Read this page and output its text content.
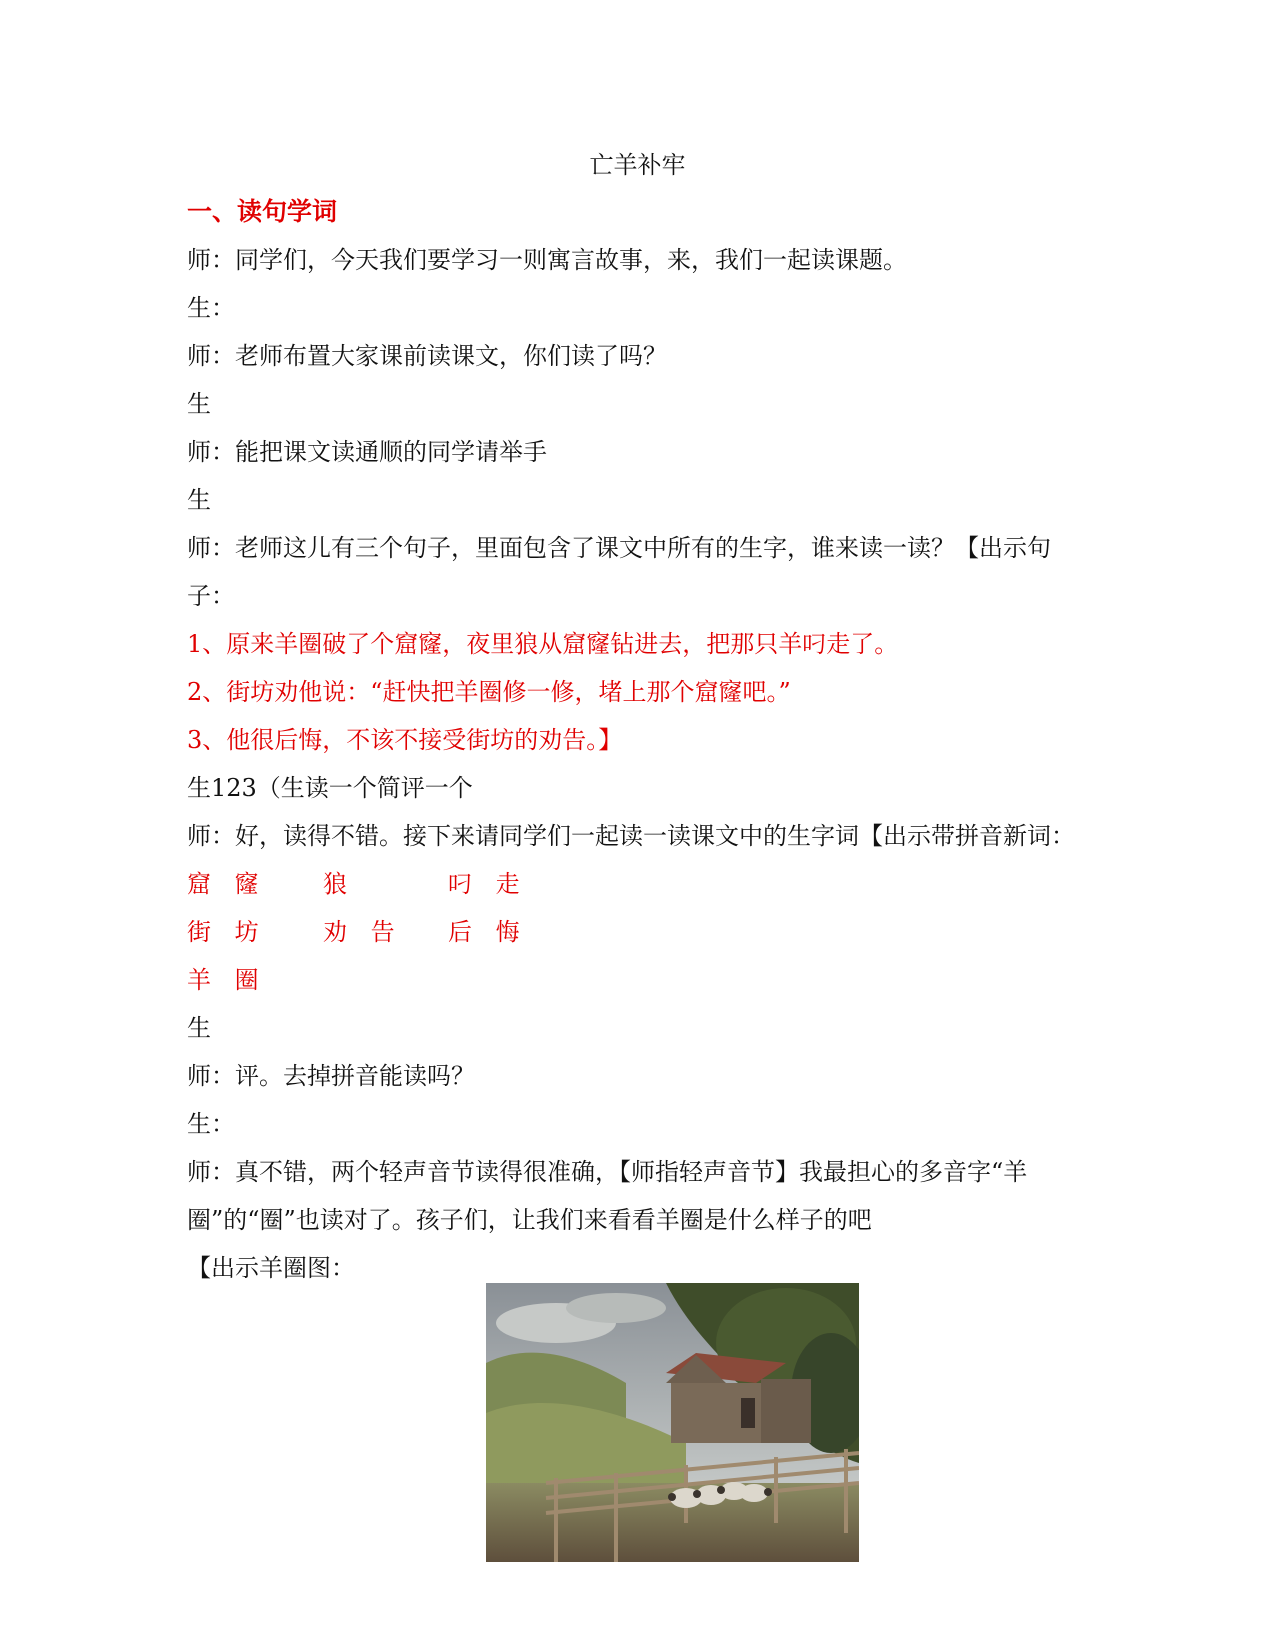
亡羊补牢
一、读句学词
师：同学们，今天我们要学习一则寓言故事，来，我们一起读课题。
生：
师：老师布置大家课前读课文，你们读了吗？
生
师：能把课文读通顺的同学请举手
生
师：老师这儿有三个句子，里面包含了课文中所有的生字，谁来读一读？【出示句
子：
1、原来羊圈破了个窟窿，夜里狼从窟窿钻进去，把那只羊叼走了。
2、街坊劝他说：“赶快把羊圈修一修，堵上那个窟窿吧。”
3、他很后悔，不该不接受街坊的劝告。】
生123（生读一个简评一个
师：好，读得不错。接下来请同学们一起读一读课文中的生字词【出示带拼音新词：
窟 窿 狼	叼 走
街 坊 劝 告 后 悔
羊 圈
生
师：评。去掉拼音能读吗？
生：
师：真不错，两个轻声音节读得很准确，【师指轻声音节】我最担心的多音字“羊
圈”的“圈”也读对了。孩子们，让我们来看看羊圈是什么样子的吧
【出示羊圈图：
